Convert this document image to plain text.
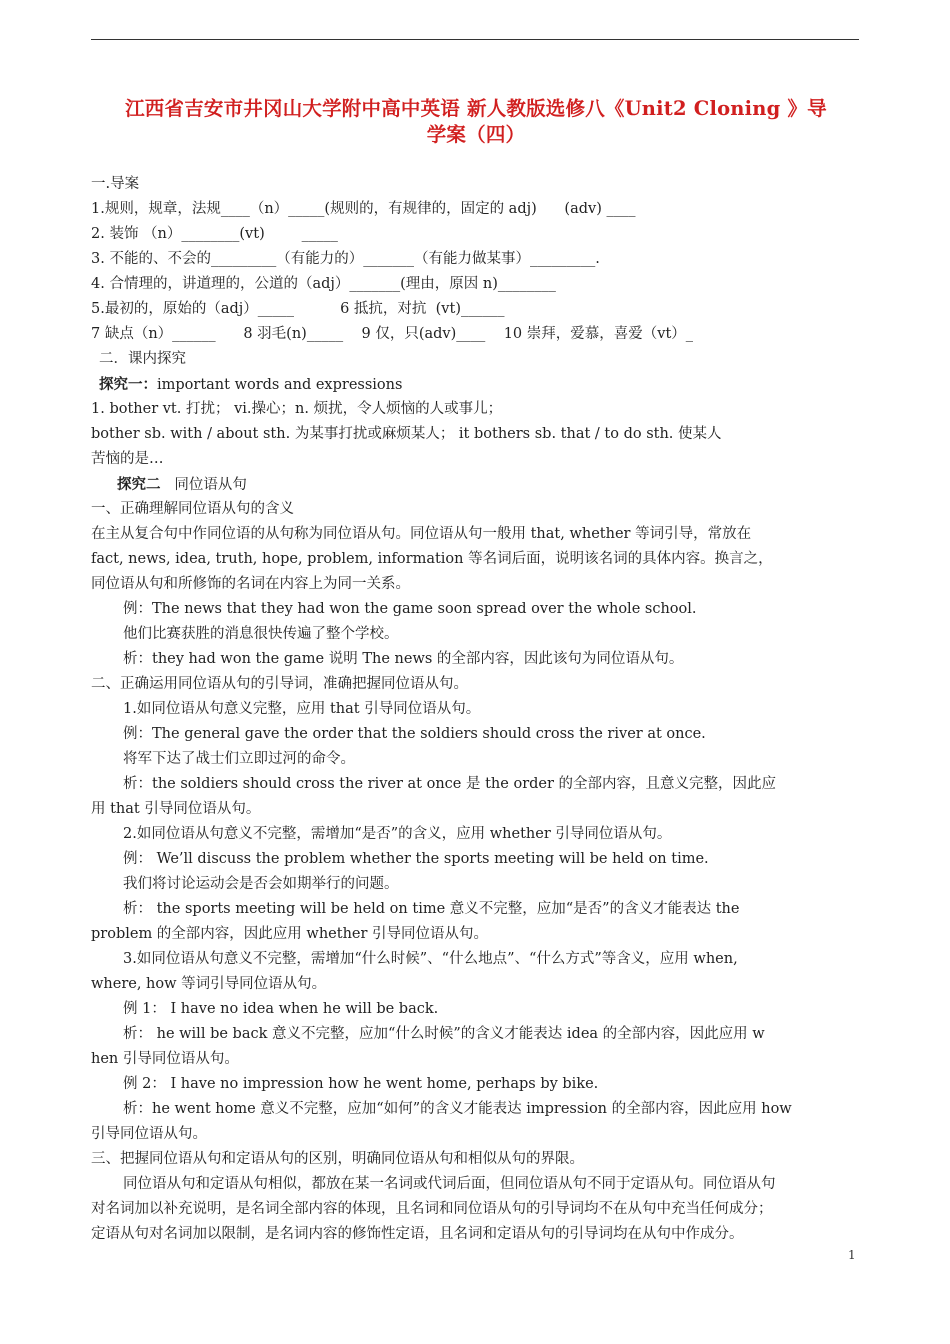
江西省吉安市井冈山大学附中高中英语 新人教版选修八《Unit2 Cloning 》导
学案（四）
一.导案
1.规则，规章，法规____（n）_____(规则的，有规律的，固定的 adj)      (adv) ____
2. 装饰 （n）________(vt)        _____
3. 不能的、不会的_________（有能力的）_______（有能力做某事）_________.
4. 合情理的，讲道理的，公道的（adj）_______(理由，原因 n)________
5.最初的，原始的（adj）_____          6 抵抗，对抗  (vt)______
7 缺点（n）______      8 羽毛(n)_____    9 仅，只(adv)____    10 崇拜，爱慕，喜爱（vt）_
二．课内探究
探究一：important words and expressions
1. bother vt. 打扰； vi.操心；n. 烦扰，令人烦恼的人或事儿；
bother sb. with / about sth. 为某事打扰或麻烦某人； it bothers sb. that / to do sth. 使某人
苦恼的是…
探究二   同位语从句
一、正确理解同位语从句的含义
在主从复合句中作同位语的从句称为同位语从句。同位语从句一般用 that, whether 等词引导，常放在
fact, news, idea, truth, hope, problem, information 等名词后面，说明该名词的具体内容。换言之，
同位语从句和所修饰的名词在内容上为同一关系。
例：The news that they had won the game soon spread over the whole school.
他们比赛获胜的消息很快传遍了整个学校。
析：they had won the game 说明 The news 的全部内容，因此该句为同位语从句。
二、正确运用同位语从句的引导词，准确把握同位语从句。
1.如同位语从句意义完整，应用 that 引导同位语从句。
例：The general gave the order that the soldiers should cross the river at once.
将军下达了战士们立即过河的命令。
析：the soldiers should cross the river at once 是 the order 的全部内容，且意义完整，因此应
用 that 引导同位语从句。
2.如同位语从句意义不完整，需增加“是否”的含义，应用 whether 引导同位语从句。
例： We’ll discuss the problem whether the sports meeting will be held on time.
我们将讨论运动会是否会如期举行的问题。
析： the sports meeting will be held on time 意义不完整，应加“是否”的含义才能表达 the
problem 的全部内容，因此应用 whether 引导同位语从句。
3.如同位语从句意义不完整，需增加“什么时候”、“什么地点”、“什么方式”等含义，应用 when,
where, how 等词引导同位语从句。
例 1： I have no idea when he will be back.
析： he will be back 意义不完整，应加“什么时候”的含义才能表达 idea 的全部内容，因此应用 w
hen 引导同位语从句。
例 2： I have no impression how he went home, perhaps by bike.
析：he went home 意义不完整，应加“如何”的含义才能表达 impression 的全部内容，因此应用 how
引导同位语从句。
三、把握同位语从句和定语从句的区别，明确同位语从句和相似从句的界限。
同位语从句和定语从句相似，都放在某一名词或代词后面，但同位语从句不同于定语从句。同位语从句
对名词加以补充说明，是名词全部内容的体现，且名词和同位语从句的引导词均不在从句中充当任何成分；
定语从句对名词加以限制，是名词内容的修饰性定语，且名词和定语从句的引导词均在从句中作成分。
1
